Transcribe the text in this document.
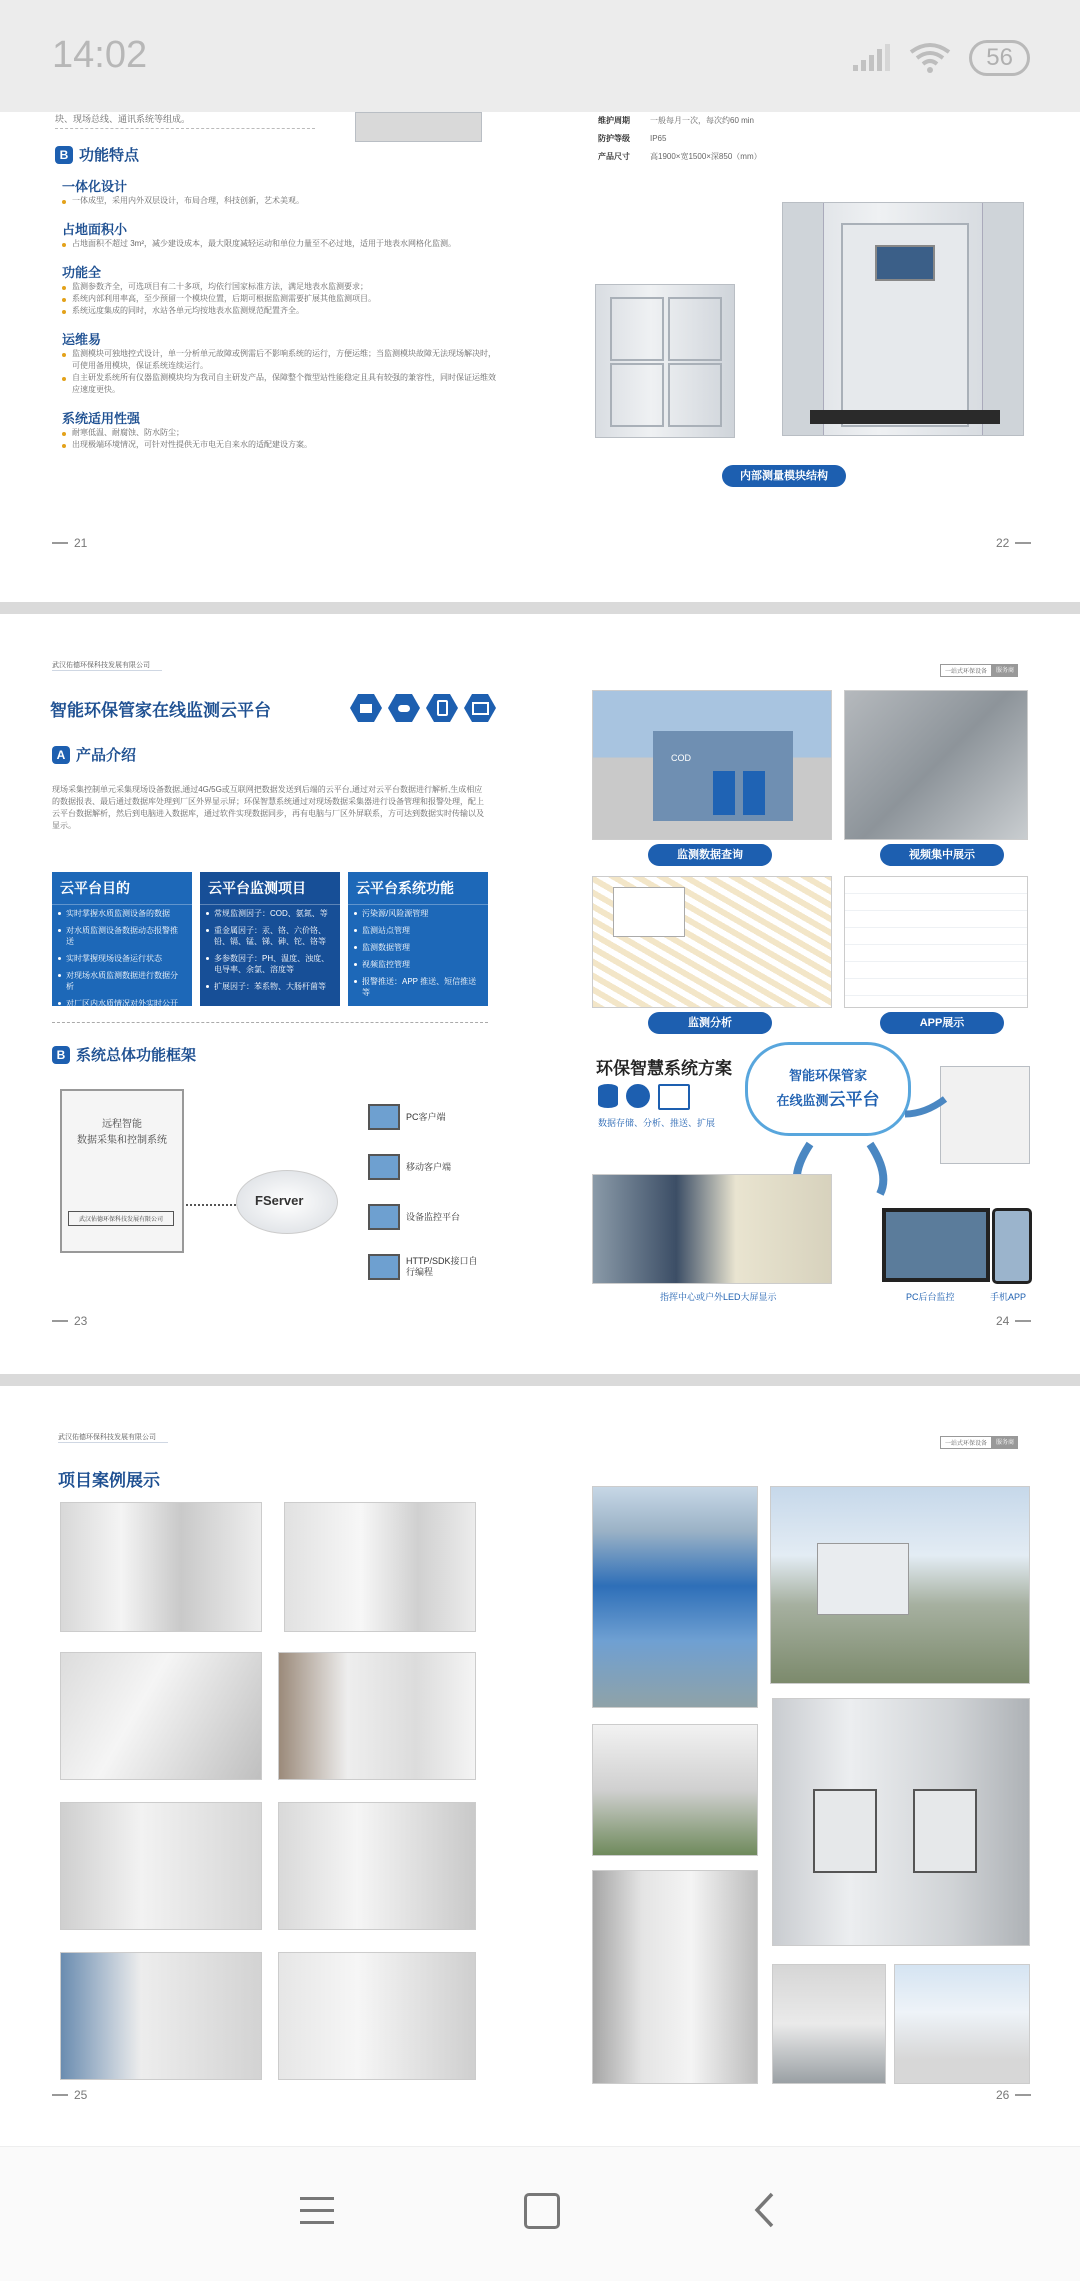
14:02	56
块、现场总线、通讯系统等组成。
B 功能特点
一体化设计
一体成型，采用内外双层设计，布局合理，科技创新，艺术美观。
占地面积小
占地面积不超过 3m²，减少建设成本，最大限度减轻运动和单位力量至不必过地，适用于地表水网格化监测。
功能全
监测参数齐全，可选项目有二十多项，均依行国家标准方法，满足地表水监测要求；
系统内部利用率高，至少预留一个模块位置，后期可根据监测需要扩展其他监测项目。
系统远度集成的同时，水站各单元均按地表水监测规范配置齐全。
运维易
监测模块可独地控式设计，单一分析单元故障或例需后不影响系统的运行，方便运维；当监测模块故障无法现场解决时，可使用备用模块，保证系统连续运行。
自主研发系统所有仪器监测模块均为我司自主研发产品，保障整个微型站性能稳定且具有较强的兼容性，同时保证运维效应速度更快。
系统适用性强
耐寒低温、耐腐蚀、防水防尘；
出现极端环境情况，可针对性提供无市电无自来水的适配建设方案。
21
维护周期	一般每月一次，每次约60 min
防护等级	IP65
产品尺寸	高1900×宽1500×深850（mm）
内部测量模块结构
22
武汉佑德环保科技发展有限公司
智能环保管家在线监测云平台
A 产品介绍
现场采集控制单元采集现场设备数据,通过4G/5G或互联网把数据发送到后端的云平台,通过对云平台数据进行解析,生成相应的数据报表、最后通过数据库处理到厂区外界显示屏；环保智慧系统通过对现场数据采集器进行设备管理和报警处理，配上云平台数据解析，然后到电脑进入数据库，通过软件实现数据同步，再有电脑与厂区外屏联系，方可达到数据实时传输以及显示。
云平台目的
实时掌握水质监测设备的数据
对水质监测设备数据动态报警推送
实时掌握现场设备运行状态
对现场水质监测数据进行数据分析
对厂区内水质情况对外实时公开
云平台监测项目
常规监测因子：COD、氨氮、等
重金属因子：汞、铬、六价铬、铅、镉、锰、锑、砷、铊、铬等
多参数因子：PH、温度、浊度、电导率、余氯、溶度等
扩展因子：苯系物、大肠杆菌等
云平台系统功能
污染源/风险源管理
监测站点管理
监测数据管理
视频监控管理
报警推送：APP 推送、短信推送等
B 系统总体功能框架
远程智能
数据采集和控制系统
武汉佑德环保科技发展有限公司
FServer
PC客户端
移动客户端
设备监控平台
HTTP/SDK接口自行编程
23
一站式环保设备	服务商
COD
监测数据查询	视频集中展示
监测分析	APP展示
环保智慧系统方案
数据存储、分析、推送、扩展
智能环保管家
在线监测云平台
指挥中心或户外LED大屏显示	PC后台监控	手机APP
24
武汉佑德环保科技发展有限公司
项目案例展示
25
一站式环保设备	服务商
26
